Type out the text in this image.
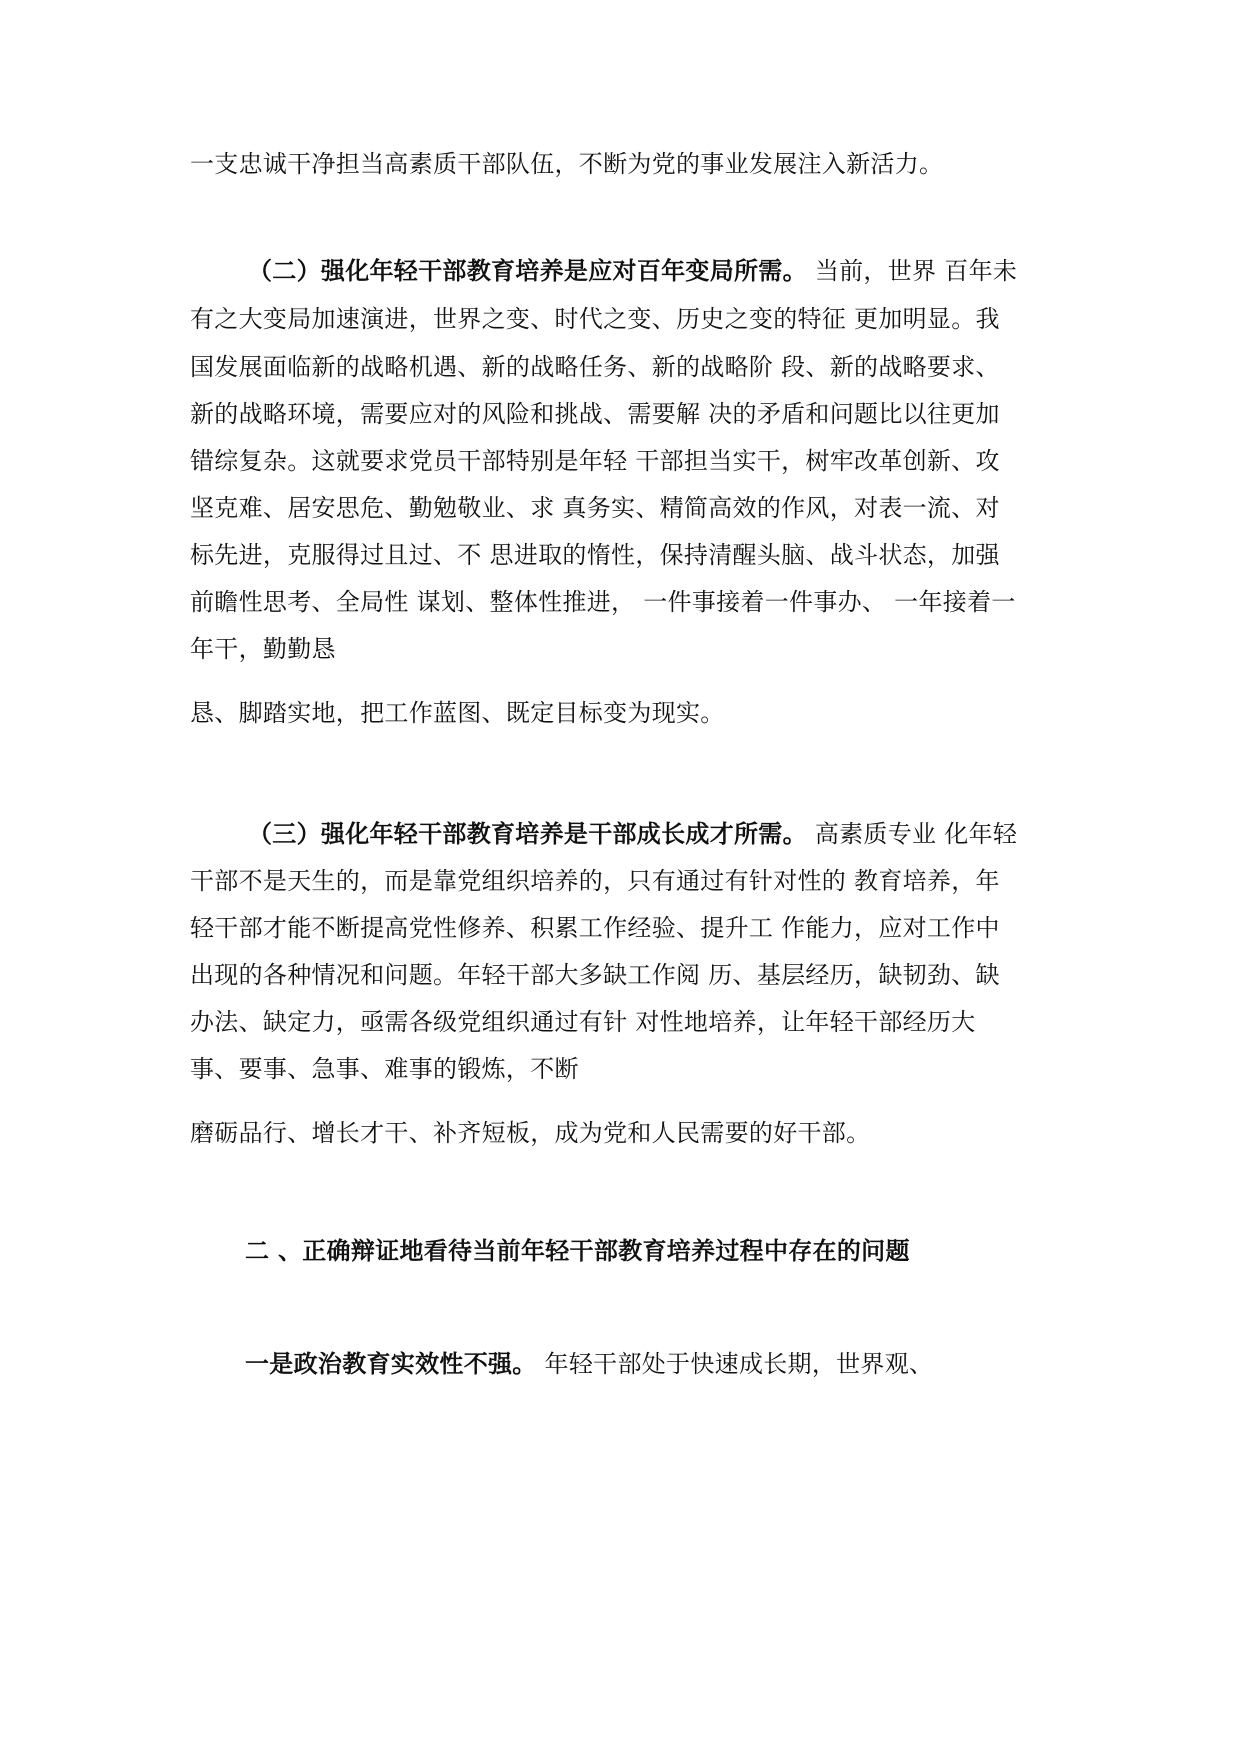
一支忠诚干净担当高素质干部队伍，不断为党的事业发展注入新活力。
（二）强化年轻干部教育培养是应对百年变局所需。 当前，世界 百年未
有之大变局加速演进，世界之变、时代之变、历史之变的特征 更加明显。我
国发展面临新的战略机遇、新的战略任务、新的战略阶 段、新的战略要求、
新的战略环境，需要应对的风险和挑战、需要解 决的矛盾和问题比以往更加
错综复杂。这就要求党员干部特别是年轻 干部担当实干，树牢改革创新、攻
坚克难、居安思危、勤勉敬业、求 真务实、精简高效的作风，对表一流、对
标先进，克服得过且过、不 思进取的惰性，保持清醒头脑、战斗状态，加强
前瞻性思考、全局性 谋划、整体性推进， 一件事接着一件事办、 一年接着一
年干，勤勤恳
恳、脚踏实地，把工作蓝图、既定目标变为现实。
（三）强化年轻干部教育培养是干部成长成才所需。 高素质专业 化年轻
干部不是天生的，而是靠党组织培养的，只有通过有针对性的 教育培养，年
轻干部才能不断提高党性修养、积累工作经验、提升工 作能力，应对工作中
出现的各种情况和问题。年轻干部大多缺工作阅 历、基层经历，缺韧劲、缺
办法、缺定力，亟需各级党组织通过有针 对性地培养，让年轻干部经历大
事、要事、急事、难事的锻炼，不断
磨砺品行、增长才干、补齐短板，成为党和人民需要的好干部。
二 、正确辩证地看待当前年轻干部教育培养过程中存在的问题
一是政治教育实效性不强。 年轻干部处于快速成长期，世界观、
